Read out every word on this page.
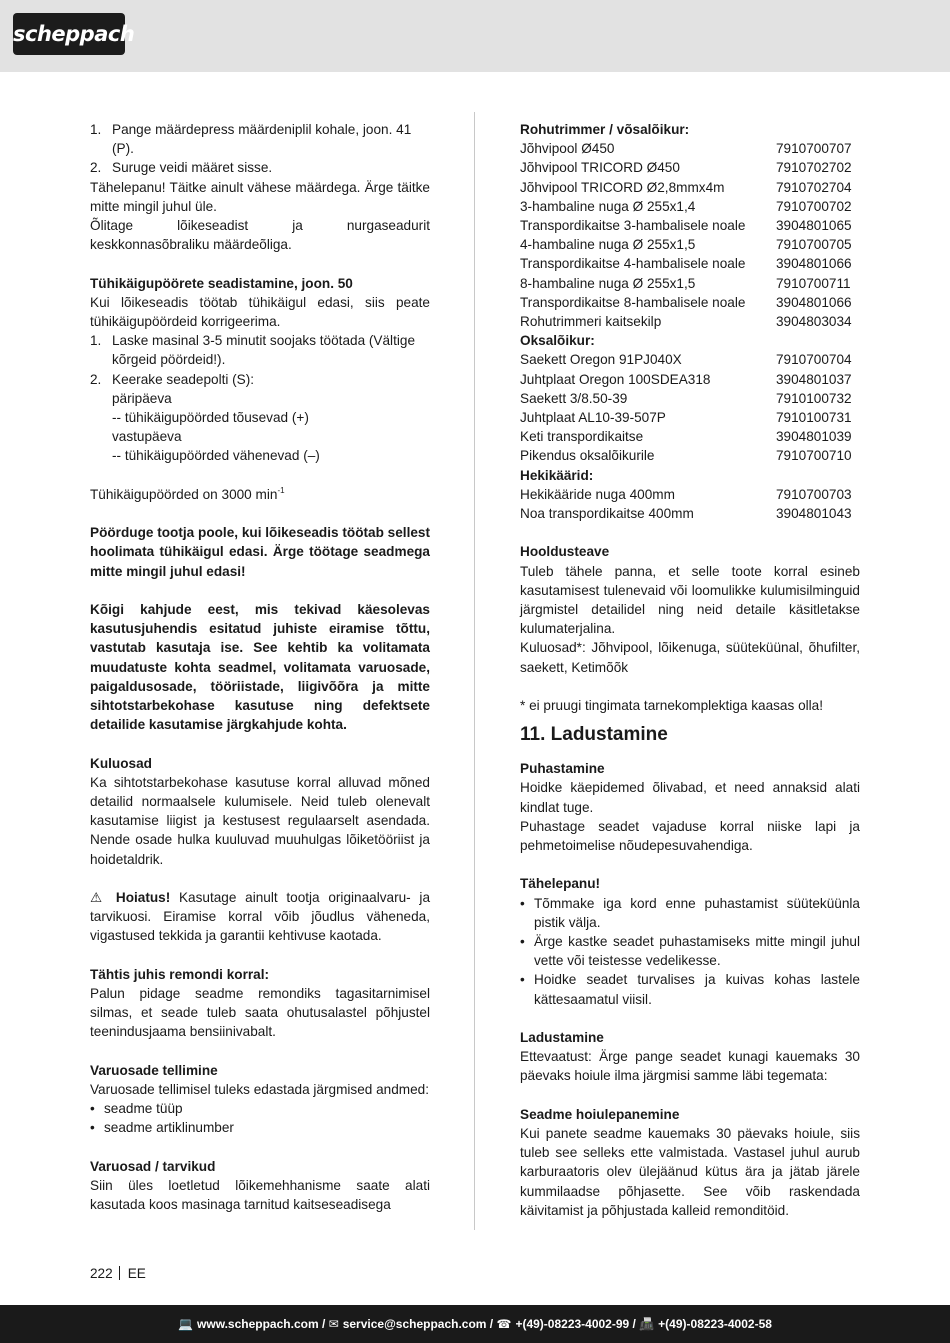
scheppach
1. Pange määrdepress määrdeniplil kohale, joon. 41 (P).
2. Suruge veidi määret sisse.

Tähelepanu! Täitke ainult vähese määrdega. Ärge täitke mitte mingil juhul üle.

Õlitage lõikeseadist ja nurgaseadurit keskkonnasõbraliku määrdeõliga.

Tühikäigupöörete seadistamine, joon. 50

Kui lõikeseadis töötab tühikäigul edasi, siis peate tühikäigupöördeid korrigeerima.

1. Laske masinal 3-5 minutit soojaks töötada (Vältige kõrgeid pöördeid!).
2. Keerake seadepolti (S):

päripäeva

-- tühikäigupöörded tõusevad (+)

vastupäeva

-- tühikäigupöörded vähenevad (–)

Tühikäigupöörded on 3000 $\min^{-1}$

Pöörduge tootja poole, kui lõikeseadis töötab sellest hoolimata tühikäigul edasi. Ärge töötage seadmega mitte mingil juhul edasi!

Kõigi kahjude eest, mis tekivad käesolevas kasutusjuhendis esitatud juhiste eiramise tõttu, vastutab kasutaja ise. See kehtib ka volitamata muudatuste kohta seadmel, volitamata varuosade, paigaldusosade, tööriistade, liigivõõra ja mitte sihtotstarbekohase kasutuse ning defektsete detailide kasutamise järgkahjude kohta.

Kuluosad

Ka sihtotstarbekohase kasutuse korral alluvad mõned detailid normaalsele kulumisele. Neid tuleb olenevalt kasutamise liigist ja kestusest regulaarselt asendada. Nende osade hulka kuuluvad muuhulgas lõiketööriist ja hoidetaldrik.

⚠ Hoiatus! Kasutage ainult tootja originaalvaru- ja tarvikuosi. Eiramise korral võib jõudlus väheneda, vigastused tekkida ja garantii kehtivuse kaotada.

Tähtis juhis remondi korral:

Palun pidage seadme remondiks tagasitarnimisel silmas, et seade tuleb saata ohutusalastel põhjustel teenindusjaama bensiinivabalt.

Varuosade tellimine

Varuosade tellimisel tuleks edastada järgmised andmed:

• seadme tüüp
• seadme artiklinumber

Varuosad / tarvikud

Siin üles loetletud lõikemehhanisme saate alati kasutada koos masinaga tarnitud kaitseseadisega

Rohutrimmer / võsalõikur:

Jõhvipool Ø450	7910700707
Jõhvipool TRICORD Ø450	7910702702
Jõhvipool TRICORD Ø2,8mmx4m	7910702704
3-hambaline nuga Ø 255x1,4	7910700702
Transpordikaitse 3-hambalisele noale 3904801065
4-hambaline nuga Ø 255x1,5	7910700705
Transpordikaitse 4-hambalisele noale 3904801066
8-hambaline nuga Ø 255x1,5	7910700711
Transpordikaitse 8-hambalisele noale 3904801066
Rohutrimmeri kaitsekilp	3904803034

Oksalõikur:

Saekett Oregon 91PJ040X	7910700704
Juhtplaat Oregon 100SDEA318	3904801037
Saekett 3/8.50-39	7910100732
Juhtplaat AL10-39-507P	7910100731
Keti transpordikaitse	3904801039
Pikendus oksalõikurile	7910700710

Hekikäärid:

Hekikääride nuga 400mm	7910700703
Noa transpordikaitse 400mm	3904801043

Hooldusteave

Tuleb tähele panna, et selle toote korral esineb kasutamisest tulenevaid või loomulikke kulumisilminguid järgmistel detailidel ning neid detaile käsitletakse kulumaterjalina.

Kuluosad*: Jõhvipool, lõikenuga, süüteküünal, õhufilter, saekett, Ketimõõk

* ei pruugi tingimata tarnekomplektiga kaasas olla!

11. Ladustamine

Puhastamine

Hoidke käepidemed õlivabad, et need annaksid alati kindlat tuge.

Puhastage seadet vajaduse korral niiske lapi ja pehmetoimelise nõudepesuvahendiga.

Tähelepanu!

• Tõmmake iga kord enne puhastamist süüteküünla pistik välja.
• Ärge kastke seadet puhastamiseks mitte mingil juhul vette või teistesse vedelikesse.
• Hoidke seadet turvalises ja kuivas kohas lastele kättesaamatul viisil.

Ladustamine

Ettevaatust: Ärge pange seadet kunagi kauemaks 30 päevaks hoiule ilma järgmisi samme läbi tegemata:

Seadme hoiulepanemine

Kui panete seadme kauemaks 30 päevaks hoiule, siis tuleb see selleks ette valmistada. Vastasel juhul aurub karburaatoris olev ülejäänud kütus ära ja jätab järele kummilaadse põhjasette. See võib raskendada käivitamist ja põhjustada kalleid remonditöid.

222 EE
💻 www.scheppach.com / ✉ service@scheppach.com / ☎ +(49)-08223-4002-99 / 📠 +(49)-08223-4002-58
